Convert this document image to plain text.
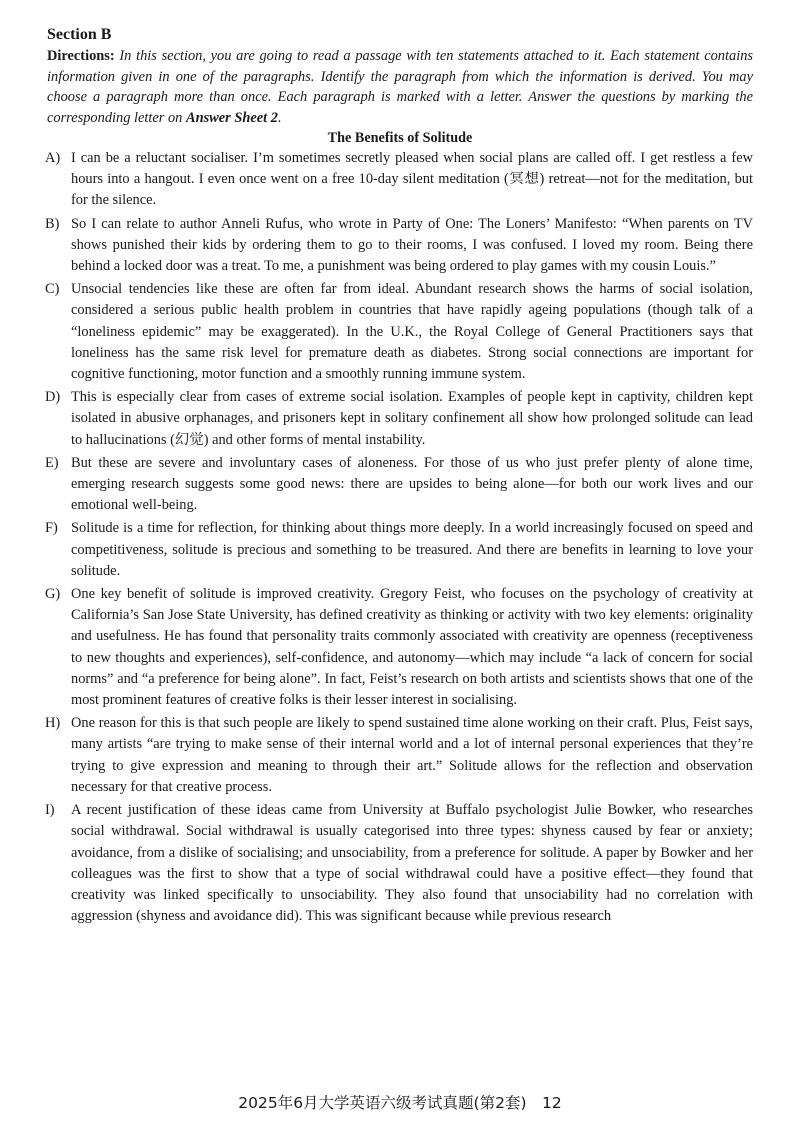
Section B

Directions: In this section, you are going to read a passage with ten statements attached to it. Each statement contains information given in one of the paragraphs. Identify the paragraph from which the information is derived. You may choose a paragraph more than once. Each paragraph is marked with a letter. Answer the questions by marking the corresponding letter on Answer Sheet 2.

The Benefits of Solitude
A) I can be a reluctant socialiser. I’m sometimes secretly pleased when social plans are called off. I get restless a few hours into a hangout. I even once went on a free 10-day silent meditation (冥想) retreat—not for the meditation, but for the silence.
B) So I can relate to author Anneli Rufus, who wrote in Party of One: The Loners’ Manifesto: “When parents on TV shows punished their kids by ordering them to go to their rooms, I was confused. I loved my room. Being there behind a locked door was a treat. To me, a punishment was being ordered to play games with my cousin Louis.”
C) Unsocial tendencies like these are often far from ideal. Abundant research shows the harms of social isolation, considered a serious public health problem in countries that have rapidly ageing populations (though talk of a “loneliness epidemic” may be exaggerated). In the U.K., the Royal College of General Practitioners says that loneliness has the same risk level for premature death as diabetes. Strong social connections are important for cognitive functioning, motor function and a smoothly running immune system.
D) This is especially clear from cases of extreme social isolation. Examples of people kept in captivity, children kept isolated in abusive orphanages, and prisoners kept in solitary confinement all show how prolonged solitude can lead to hallucinations (幻觉) and other forms of mental instability.
E) But these are severe and involuntary cases of aloneness. For those of us who just prefer plenty of alone time, emerging research suggests some good news: there are upsides to being alone—for both our work lives and our emotional well-being.
F) Solitude is a time for reflection, for thinking about things more deeply. In a world increasingly focused on speed and competitiveness, solitude is precious and something to be treasured. And there are benefits in learning to love your solitude.
G) One key benefit of solitude is improved creativity. Gregory Feist, who focuses on the psychology of creativity at California’s San Jose State University, has defined creativity as thinking or activity with two key elements: originality and usefulness. He has found that personality traits commonly associated with creativity are openness (receptiveness to new thoughts and experiences), self-confidence, and autonomy—which may include “a lack of concern for social norms” and “a preference for being alone”. In fact, Feist’s research on both artists and scientists shows that one of the most prominent features of creative folks is their lesser interest in socialising.
H) One reason for this is that such people are likely to spend sustained time alone working on their craft. Plus, Feist says, many artists “are trying to make sense of their internal world and a lot of internal personal experiences that they’re trying to give expression and meaning to through their art.” Solitude allows for the reflection and observation necessary for that creative process.
I) A recent justification of these ideas came from University at Buffalo psychologist Julie Bowker, who researches social withdrawal. Social withdrawal is usually categorised into three types: shyness caused by fear or anxiety; avoidance, from a dislike of socialising; and unsociability, from a preference for solitude. A paper by Bowker and her colleagues was the first to show that a type of social withdrawal could have a positive effect—they found that creativity was linked specifically to unsociability. They also found that unsociability had no correlation with aggression (shyness and avoidance did). This was significant because while previous research
2025年6月大学英语六级考试真题(第2套)　12
